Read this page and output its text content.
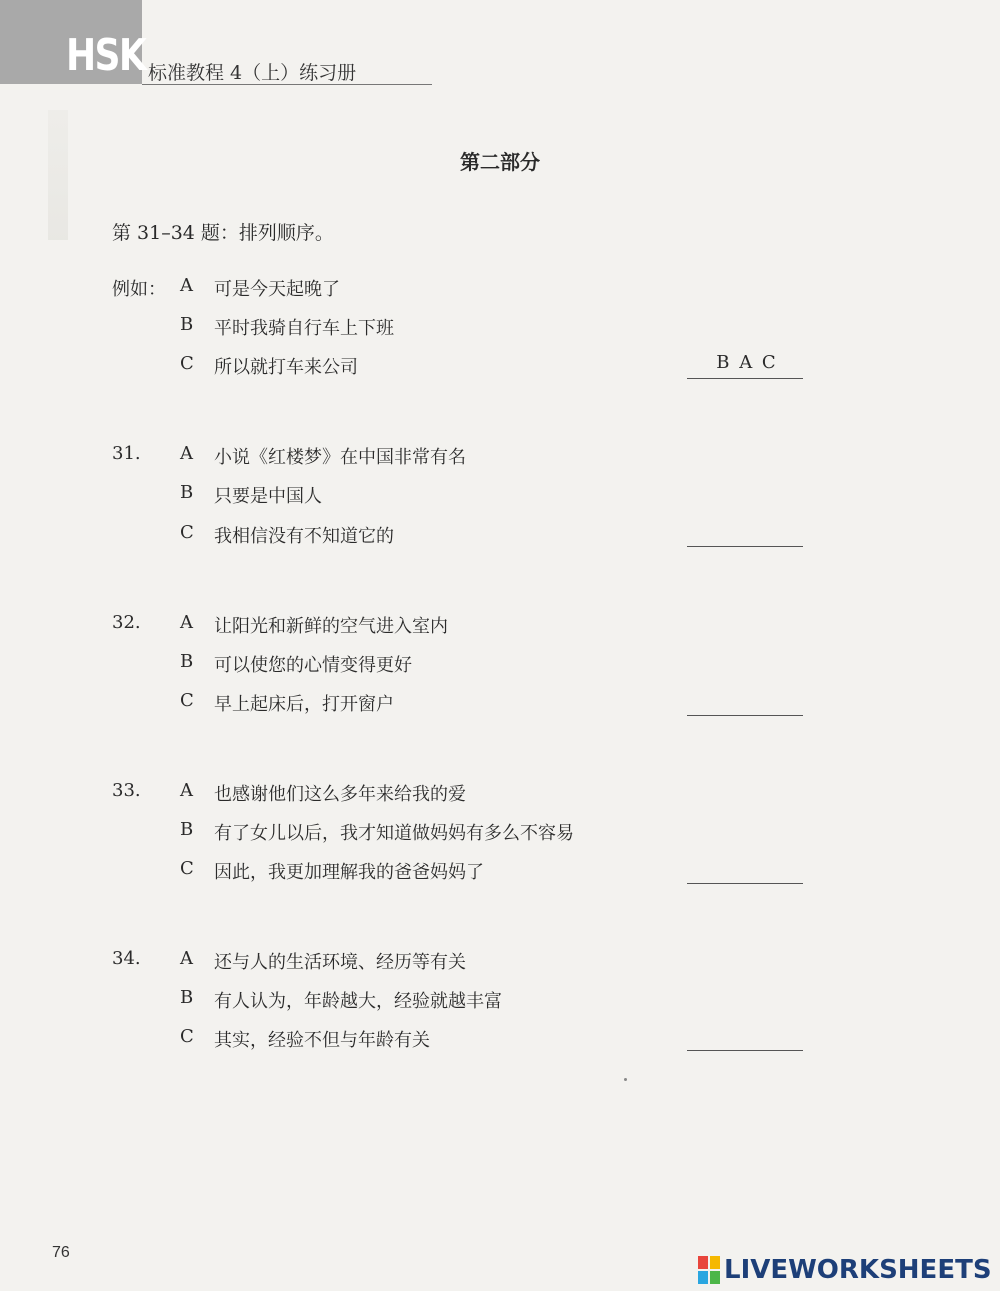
HSK 标准教程 4（上）练习册
第二部分
第 31–34 题：排列顺序。
例如： A 可是今天起晚了
B 平时我骑自行车上下班
C 所以就打车来公司	B A C
31. A 小说《红楼梦》在中国非常有名
B 只要是中国人
C 我相信没有不知道它的
32. A 让阳光和新鲜的空气进入室内
B 可以使您的心情变得更好
C 早上起床后，打开窗户
33. A 也感谢他们这么多年来给我的爱
B 有了女儿以后，我才知道做妈妈有多么不容易
C 因此，我更加理解我的爸爸妈妈了
34. A 还与人的生活环境、经历等有关
B 有人认为，年龄越大，经验就越丰富
C 其实，经验不但与年龄有关
76
LIVEWORKSHEETS
